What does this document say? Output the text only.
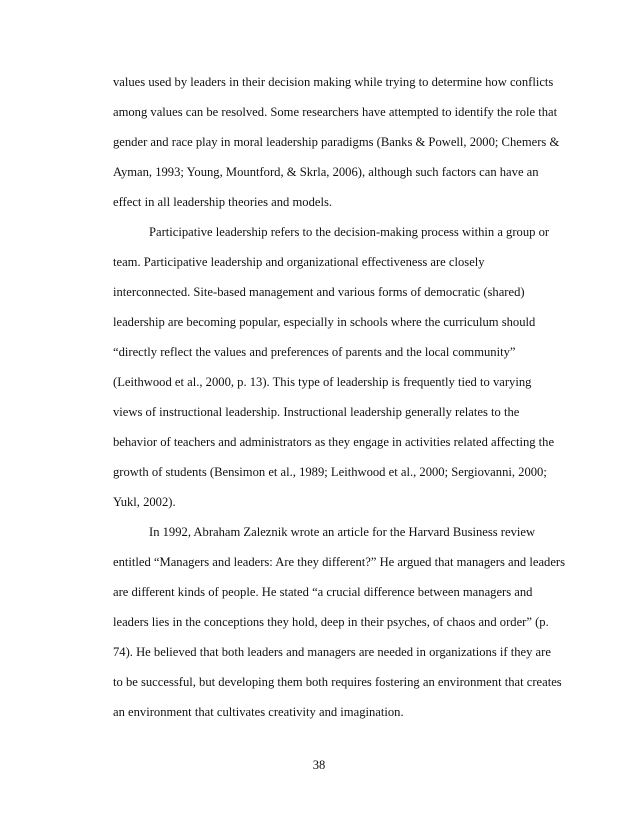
values used by leaders in their decision making while trying to determine how conflicts

among values can be resolved. Some researchers have attempted to identify the role that

gender and race play in moral leadership paradigms (Banks & Powell, 2000; Chemers &

Ayman, 1993; Young, Mountford, & Skrla, 2006), although such factors can have an

effect in all leadership theories and models.

Participative leadership refers to the decision-making process within a group or

team. Participative leadership and organizational effectiveness are closely

interconnected. Site-based management and various forms of democratic (shared)

leadership are becoming popular, especially in schools where the curriculum should

“directly reflect the values and preferences of parents and the local community”

(Leithwood et al., 2000, p. 13). This type of leadership is frequently tied to varying

views of instructional leadership. Instructional leadership generally relates to the

behavior of teachers and administrators as they engage in activities related affecting the

growth of students (Bensimon et al., 1989; Leithwood et al., 2000; Sergiovanni, 2000;

Yukl, 2002).

In 1992, Abraham Zaleznik wrote an article for the Harvard Business review

entitled “Managers and leaders: Are they different?” He argued that managers and leaders

are different kinds of people. He stated “a crucial difference between managers and

leaders lies in the conceptions they hold, deep in their psyches, of chaos and order” (p.

74). He believed that both leaders and managers are needed in organizations if they are

to be successful, but developing them both requires fostering an environment that creates

an environment that cultivates creativity and imagination.

38
